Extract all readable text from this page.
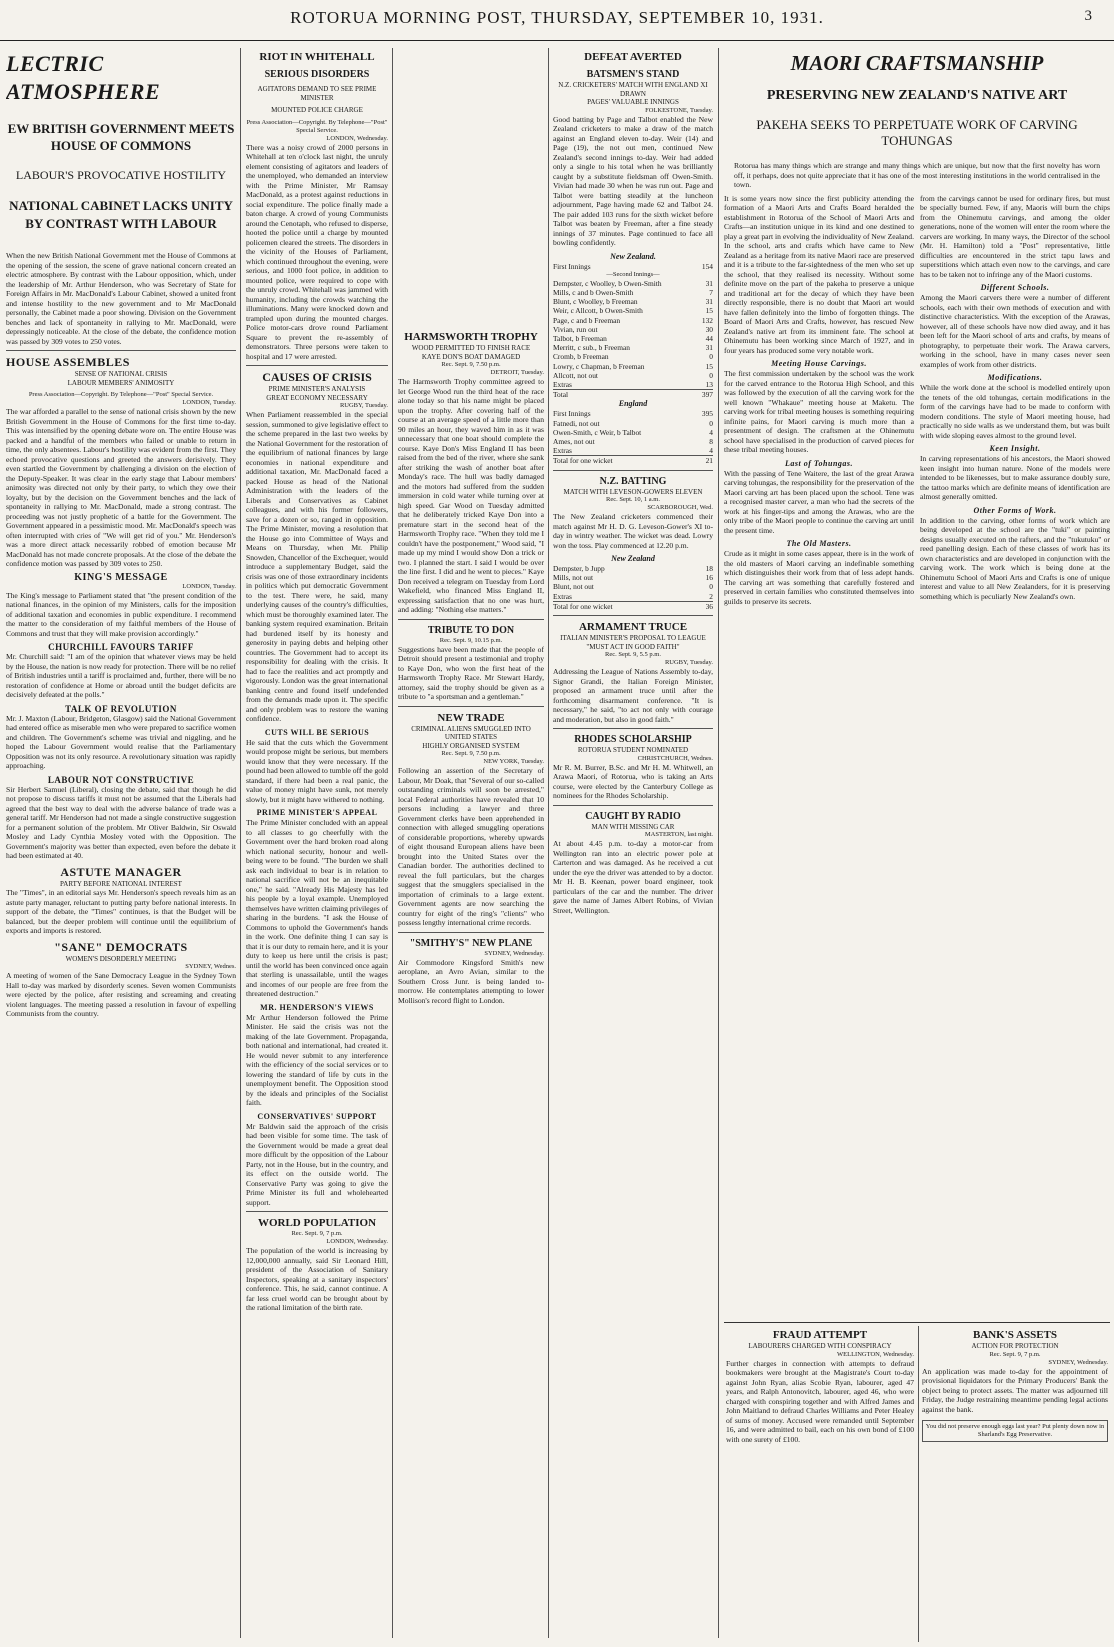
ROTORUA MORNING POST, THURSDAY, SEPTEMBER 10, 1931.	3
LECTRIC ATMOSPHERE
EW BRITISH GOVERNMENT MEETS HOUSE OF COMMONS
LABOUR'S PROVOCATIVE HOSTILITY
NATIONAL CABINET LACKS UNITY BY CONTRAST WITH LABOUR

When the new British National Government met the House of Commons at the opening of the session, the scene of grave national concern created an electric atmosphere. By contrast with the Labour opposition, which, under the leadership of Mr. Arthur Henderson, who was Secretary of State for Foreign Affairs in Mr. MacDonald's Labour Cabinet, showed a united front and intense hostility to the new government and to Mr MacDonald personally, the Cabinet made a poor showing. Division on the Government benches and lack of spontaneity in rallying to Mr. MacDonald, were depressingly noticeable. At the close of the debate, the confidence motion was passed by 309 votes to 250 votes.

HOUSE ASSEMBLES
SENSE OF NATIONAL CRISIS
LABOUR MEMBERS' ANIMOSITY
Press Association—Copyright. By Telephone—"Post" Special Service.
LONDON, Tuesday.

The war afforded a parallel to the sense of national crisis shown by the new British Government in the House of Commons for the first time to-day. This was intensified by the opening debate wore on. The entire House was packed and a handful of the members who failed or unable to return in time, the only absentees. Labour's hostility was evident from the first. They echoed provocative questions and greeted the answers derisively. They even startled the Government by challenging a division on the election of the Deputy-Speaker. It was clear in the early stage that Labour members' animosity was directed not only by their party, to which they owe their loyalty, but by the decision on the Government benches and the lack of spontaneity in rallying to Mr. MacDonald, made a strong contrast. The proceeding was not justly prophetic of a battle for the Government. The Government appeared in a pessimistic mood. Mr. MacDonald's speech was often interrupted with cries of "We will get rid of you." Mr. Henderson's was a more direct attack necessarily robbed of emotion because Mr MacDonald has not made concrete proposals. At the close of the debate the confidence motion was passed by 309 votes to 250.

KING'S MESSAGE
LONDON, Tuesday.

The King's message to Parliament stated that "the present condition of the national finances, in the opinion of my Ministers, calls for the imposition of additional taxation and economies in public expenditure. I recommend the matter to the consideration of my faithful members of the House of Commons and trust that they will make provision accordingly."

CHURCHILL FAVOURS TARIFF

Mr. Churchill said: "I am of the opinion that whatever views may be held by the House, the nation is now ready for protection. There will be no relief of British industries until a tariff is proclaimed and, further, there will be no restoration of confidence at Home or abroad until the budget deficits are decisively defeated at the polls."

TALK OF REVOLUTION

Mr. J. Maxton (Labour, Bridgeton, Glasgow) said the National Government had entered office as miserable men who were prepared to sacrifice women and children. The Government's scheme was trivial and niggling, and he hoped the Labour Government would realise that the Parliamentary Opposition was not its only resource. A revolutionary situation was rapidly approaching.

LABOUR NOT CONSTRUCTIVE

Sir Herbert Samuel (Liberal), closing the debate, said that though he did not propose to discuss tariffs it must not be assumed that the Liberals had agreed that the best way to deal with the adverse balance of trade was a general tariff. Mr Henderson had not made a single constructive suggestion for a permanent solution of the problem. Mr Oliver Baldwin, Sir Oswald Mosley and Lady Cynthia Mosley voted with the Opposition. The Government's majority was better than expected, even before the debate it had been estimated at 40.

ASTUTE MANAGER
PARTY BEFORE NATIONAL INTEREST

The "Times", in an editorial says Mr. Henderson's speech reveals him as an astute party manager, reluctant to putting party before national interests. In support of the debate, the "Times" continues, is that the Budget will be balanced, but the deeper problem will continue until the equilibrium of exports and imports is restored.

"SANE" DEMOCRATS
WOMEN'S DISORDERLY MEETING
SYDNEY, Wednes.

A meeting of women of the Sane Democracy League in the Sydney Town Hall to-day was marked by disorderly scenes. Seven women Communists were ejected by the police, after resisting and screaming and creating violent languages. The meeting passed a resolution in favour of expelling Communists from the country.

RIOT IN WHITEHALL
SERIOUS DISORDERS
AGITATORS DEMAND TO SEE PRIME MINISTER
MOUNTED POLICE CHARGE
Press Association—Copyright. By Telephone—"Post" Special Service.
LONDON, Wednesday.

There was a noisy crowd of 2000 persons in Whitehall at ten o'clock last night, the unruly element consisting of agitators and leaders of the unemployed, who demanded an interview with the Prime Minister, Mr Ramsay MacDonald, as a protest against reductions in social expenditure. The police finally made a baton charge. A crowd of young Communists around the Cenotaph, who refused to disperse, hooted the police until a charge by mounted policemen cleared the streets. The disorders in the vicinity of the Houses of Parliament, which continued throughout the evening, were serious, and 1000 foot police, in addition to mounted police, were required to cope with the unruly crowd. Whitehall was jammed with humanity, including the crowds watching the illuminations. Many were knocked down and trampled upon during the mounted charges. Police motor-cars drove round Parliament Square to prevent the re-assembly of demonstrators. Three persons were taken to hospital and 17 were arrested.

CAUSES OF CRISIS
PRIME MINISTER'S ANALYSIS
GREAT ECONOMY NECESSARY
RUGBY, Tuesday.

When Parliament reassembled in the special session, summoned to give legislative effect to the scheme prepared in the last two weeks by the National Government for the restoration of the equilibrium of national finances by large economies in national expenditure and additional taxation, Mr. MacDonald faced a packed House as head of the National Administration with the leaders of the Liberals and Conservatives as Cabinet colleagues, and with his former followers, save for a dozen or so, ranged in opposition. The Prime Minister, moving a resolution that the House go into Committee of Ways and Means on Thursday, when Mr. Philip Snowden, Chancellor of the Exchequer, would introduce a supplementary Budget, said the crisis was one of those extraordinary incidents in politics which put democratic Government to the test. There were, he said, many underlying causes of the country's difficulties, which must be thoroughly examined later. The banking system required examination. Britain had burdened itself by its honesty and generosity in paying debts and helping other countries. The Government had to accept its responsibility for dealing with the crisis. It had to face the realities and act promptly and vigorously. London was the great international banking centre and found itself undefended from the demands made upon it. The specific and only problem was to restore the waning confidence.

CUTS WILL BE SERIOUS

He said that the cuts which the Government would propose might be serious, but members would know that they were necessary. If the pound had been allowed to tumble off the gold standard, if there had been a real panic, the value of money might have sunk, not merely slowly, but it might have withered to nothing.

PRIME MINISTER'S APPEAL

The Prime Minister concluded with an appeal to all classes to go cheerfully with the Government over the hard broken road along which national security, honour and well-being were to be found. "The burden we shall ask each individual to bear is in relation to national sacrifice will not be an inequitable one," he said. "Already His Majesty has led his people by a loyal example. Unemployed themselves have written claiming privileges of sharing in the burdens. "I ask the House of Commons to uphold the Government's hands in the work. One definite thing I can say is that it is our duty to remain here, and it is your duty to keep us here until the crisis is past; until the world has been convinced once again that sterling is unassailable, until the wages and incomes of our people are free from the threatened destruction."

MR. HENDERSON'S VIEWS

Mr Arthur Henderson followed the Prime Minister. He said the crisis was not the making of the late Government. Propaganda, both national and international, had created it. He would never submit to any interference with the efficiency of the social services or to lowering the standard of life by cuts in the unemployment benefit. The Opposition stood by the ideals and principles of the Socialist faith.

CONSERVATIVES' SUPPORT

Mr Baldwin said the approach of the crisis had been visible for some time. The task of the Government would be made a great deal more difficult by the opposition of the Labour Party, not in the House, but in the country, and its effect on the outside world. The Conservative Party was going to give the Prime Minister its full and wholehearted support.

WORLD POPULATION
Rec. Sept. 9, 7 p.m.
LONDON, Wednesday.

The population of the world is increasing by 12,000,000 annually, said Sir Leonard Hill, president of the Association of Sanitary Inspectors, speaking at a sanitary inspectors' conference. This, he said, cannot continue. A far less cruel world can be brought about by the rational limitation of the birth rate.

HARMSWORTH TROPHY
WOOD PERMITTED TO FINISH RACE
KAYE DON'S BOAT DAMAGED
Rec. Sept. 9, 7.50 p.m.
DETROIT, Tuesday.

The Harmsworth Trophy committee agreed to let George Wood run the third heat of the race alone today so that his name might be placed upon the trophy. After covering half of the course at an average speed of a little more than 90 miles an hour, they waved him in as it was unnecessary that one boat should complete the course. Kaye Don's Miss England II has been raised from the bed of the river, where she sank after striking the wash of another boat after Monday's race. The hull was badly damaged and the motors had suffered from the sudden immersion in cold water while turning over at high speed. Gar Wood on Tuesday admitted that he deliberately tricked Kaye Don into a premature start in the second heat of the Harmsworth Trophy race. "When they told me I couldn't have the postponement," Wood said, "I made up my mind I would show Don a trick or two. I planned the start. I said I would be over the line first. I did and he went to pieces." Kaye Don received a telegram on Tuesday from Lord Wakefield, who financed Miss England II, expressing satisfaction that no one was hurt, and adding: "Nothing else matters."

TRIBUTE TO DON
Rec. Sept. 9, 10.15 p.m.

Suggestions have been made that the people of Detroit should present a testimonial and trophy to Kaye Don, who won the first heat of the Harmsworth Trophy Race. Mr Stewart Hardy, attorney, said the trophy should be given as a tribute to "a sportsman and a gentleman."

NEW TRADE
CRIMINAL ALIENS SMUGGLED INTO UNITED STATES
HIGHLY ORGANISED SYSTEM
Rec. Sept. 9, 7.50 p.m.
NEW YORK, Tuesday.

Following an assertion of the Secretary of Labour, Mr Doak, that "Several of our so-called outstanding criminals will soon be arrested," local Federal authorities have revealed that 10 persons including a lawyer and three Government clerks have been apprehended in connection with alleged smuggling operations of considerable proportions, whereby upwards of eight thousand European aliens have been brought into the United States over the Canadian border. The authorities declined to reveal the full particulars, but the charges suggest that the smugglers specialised in the importation of criminals to a large extent. Government agents are now searching the country for eight of the ring's "clients" who possess lengthy international crime records.

"SMITHY'S" NEW PLANE
SYDNEY, Wednesday.

Air Commodore Kingsford Smith's new aeroplane, an Avro Avian, similar to the Southern Cross Junr. is being landed to-morrow. He contemplates attempting to lower Mollison's record flight to London.

DEFEAT AVERTED
BATSMEN'S STAND
N.Z. CRICKETERS' MATCH WITH ENGLAND XI DRAWN
PAGES' VALUABLE INNINGS
FOLKESTONE, Tuesday.

Good batting by Page and Talbot enabled the New Zealand cricketers to make a draw of the match against an England eleven to-day. Weir (14) and Page (19), the not out men, continued New Zealand's second innings to-day. Weir had added only a single to his total when he was brilliantly caught by a substitute fieldsman off Owen-Smith. Vivian had made 30 when he was run out. Page and Talbot were batting steadily at the luncheon adjournment, Page having made 62 and Talbot 24. The pair added 103 runs for the sixth wicket before Talbot was beaten by Freeman, after a fine steady innings of 37 minutes. Page continued to face all bowling confidently.

New Zealand.
First Innings	154
—Second Innings—
Dempster, c Woolley, b Owen-Smith	31
Mills, c and b Owen-Smith	7
Blunt, c Woolley, b Freeman	31
Weir, c Allcott, b Owen-Smith	15
Page, c and b Freeman	132
Vivian, run out	30
Talbot, b Freeman	44
Merritt, c sub., b Freeman	31
Cromb, b Freeman	0
Lowry, c Chapman, b Freeman	15
Allcott, not out	0
Extras	13
Total	397
England
First Innings	395
Fatnedi, not out	0
Owen-Smith, c Weir, b Talbot	4
Ames, not out	8
Extras	4
Total for one wicket	21
N.Z. BATTING
MATCH WITH LEVESON-GOWERS ELEVEN
Rec. Sept. 10, 1 a.m.
SCARBOROUGH, Wed.

The New Zealand cricketers commenced their match against Mr H. D. G. Leveson-Gower's XI to-day in wintry weather. The wicket was dead. Lowry won the toss. Play commenced at 12.20 p.m.

New Zealand
Dempster, b Jupp	18
Mills, not out	16
Blunt, not out	0
Extras	2
Total for one wicket	36
ARMAMENT TRUCE
ITALIAN MINISTER'S PROPOSAL TO LEAGUE
"MUST ACT IN GOOD FAITH"
Rec. Sept. 9, 5.5 p.m.
RUGBY, Tuesday.

Addressing the League of Nations Assembly to-day, Signor Grandi, the Italian Foreign Minister, proposed an armament truce until after the forthcoming disarmament conference. "It is necessary," he said, "to act not only with courage and moderation, but also in good faith."

RHODES SCHOLARSHIP
ROTORUA STUDENT NOMINATED
CHRISTCHURCH, Wednes.

Mr R. M. Burrer, B.Sc. and Mr H. M. Whitwell, an Arawa Maori, of Rotorua, who is taking an Arts course, were elected by the Canterbury College as nominees for the Rhodes Scholarship.

CAUGHT BY RADIO
MAN WITH MISSING CAR
MASTERTON, last night.

At about 4.45 p.m. to-day a motor-car from Wellington ran into an electric power pole at Carterton and was damaged. As he received a cut under the eye the driver was attended to by a doctor. Mr H. B. Keenan, power board engineer, took particulars of the car and the number. The driver gave the name of James Albert Robins, of Vivian Street, Wellington.

MAORI CRAFTSMANSHIP
PRESERVING NEW ZEALAND'S NATIVE ART
PAKEHA SEEKS TO PERPETUATE WORK OF CARVING TOHUNGAS

Rotorua has many things which are strange and many things which are unique, but now that the first novelty has worn off, it perhaps, does not quite appreciate that it has one of the most interesting institutions in the world centralised in the town.

It is some years now since the first publicity attending the formation of a Maori Arts and Crafts Board heralded the establishment in Rotorua of the School of Maori Arts and Crafts—an institution unique in its kind and one destined to play a great part in evolving the individuality of New Zealand. In the school, arts and crafts which have came to New Zealand as a heritage from its native Maori race are preserved and it is a tribute to the far-sightedness of the men who set up the school, that they realised its necessity. Without some definite move on the part of the pakeha to preserve a unique and traditional art for the decay of which they have been directly responsible, there is no doubt that Maori art would have fallen definitely into the limbo of forgotten things. The Board of Maori Arts and Crafts, however, has rescued New Zealand's native art from its imminent fate. The school at Ohinemutu has been working since March of 1927, and in four years has produced some very notable work.

Meeting House Carvings.

The first commission undertaken by the school was the work for the carved entrance to the Rotorua High School, and this was followed by the execution of all the carving work for the well known "Whakaue" meeting house at Maketu. The carving work for tribal meeting houses is something requiring infinite pains, for Maori carving is much more than a presentment of design. The craftsmen at the Ohinemutu school have specialised in the production of carved pieces for these tribal meeting houses.

Last of Tohungas.

With the passing of Tene Waitere, the last of the great Arawa carving tohungas, the responsibility for the preservation of the Maori carving art has been placed upon the school. Tene was a recognised master carver, a man who had the secrets of the work at his finger-tips and among the Arawas, who are the only tribe of the Maori people to continue the carving art until the present time.

The Old Masters.

Crude as it might in some cases appear, there is in the work of the old masters of Maori carving an indefinable something which distinguishes their work from that of less adept hands. The carving art was something that carefully fostered and preserved in certain families who constituted themselves into guilds to preserve its secrets.

from the carvings cannot be used for ordinary fires, but must be specially burned. Few, if any, Maoris will burn the chips from the Ohinemutu carvings, and among the older generations, none of the women will enter the room where the carvers are working. In many ways, the Director of the school (Mr. H. Hamilton) told a "Post" representative, little difficulties are encountered in the strict tapu laws and superstitions which attach even now to the carvings, and care has to be taken not to infringe any of the Maori customs.

Different Schools.

Among the Maori carvers there were a number of different schools, each with their own methods of execution and with distinctive characteristics. With the exception of the Arawas, however, all of these schools have now died away, and it has been left for the Maori school of arts and crafts, by means of photography, to perpetuate their work. The Arawa carvers, working in the school, have in many cases never seen examples of work from other districts.

Modifications.

While the work done at the school is modelled entirely upon the tenets of the old tohungas, certain modifications in the form of the carvings have had to be made to conform with modern conditions. The style of Maori meeting house, had practically no side walls as we understand them, but was built with wide sloping eaves almost to the ground level.

Keen Insight.

In carving representations of his ancestors, the Maori showed keen insight into human nature. None of the models were intended to be likenesses, but to make assurance doubly sure, the tattoo marks which are definite means of identification are almost generally omitted.

Other Forms of Work.

In addition to the carving, other forms of work which are being developed at the school are the "tuki" or painting designs usually executed on the rafters, and the "tukutuku" or reed panelling design. Each of these classes of work has its own characteristics and are developed in conjunction with the carving work. The work which is being done at the Ohinemutu School of Maori Arts and Crafts is one of unique interest and value to all New Zealanders, for it is preserving something which is peculiarly New Zealand's own.

FRAUD ATTEMPT
LABOURERS CHARGED WITH CONSPIRACY
WELLINGTON, Wednesday.

Further charges in connection with attempts to defraud bookmakers were brought at the Magistrate's Court to-day against John Ryan, alias Scobie Ryan, labourer, aged 47 years, and Ralph Antonovitch, labourer, aged 46, who were charged with conspiring together and with Alfred James and John Maitland to defraud Charles Williams and Peter Healey of sums of money. Accused were remanded until September 16, and were admitted to bail, each on his own bond of £100 with one surety of £100.

BANK'S ASSETS
ACTION FOR PROTECTION
Rec. Sept. 9, 7 p.m.
SYDNEY, Wednesday.

An application was made to-day for the appointment of provisional liquidators for the Primary Producers' Bank the object being to protect assets. The matter was adjourned till Friday, the Judge restraining meantime pending legal actions against the bank.

You did not preserve enough eggs last year? Put plenty down now in Sharland's Egg Preservative.
